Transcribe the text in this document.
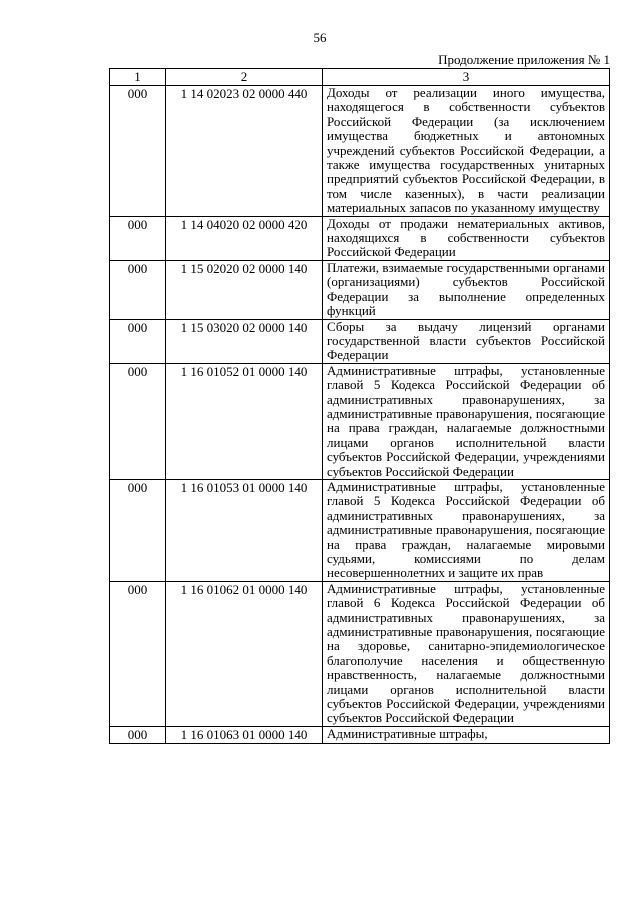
56
Продолжение приложения № 1
1	2	3
000	1 14 02023 02 0000 440	Доходы от реализации иного имущества, находящегося в собственности субъектов Российской Федерации (за исключением имущества бюджетных и автономных учреждений субъектов Российской Федерации, а также имущества государственных унитарных предприятий субъектов Российской Федерации, в том числе казенных), в части реализации материальных запасов по указанному имуществу
000	1 14 04020 02 0000 420	Доходы от продажи нематериальных активов, находящихся в собственности субъектов Российской Федерации
000	1 15 02020 02 0000 140	Платежи, взимаемые государственными органами (организациями) субъектов Российской Федерации за выполнение определенных функций
000	1 15 03020 02 0000 140	Сборы за выдачу лицензий органами государственной власти субъектов Российской Федерации
000	1 16 01052 01 0000 140	Административные штрафы, установленные главой 5 Кодекса Российской Федерации об административных правонарушениях, за административные правонарушения, посягающие на права граждан, налагаемые должностными лицами органов исполнительной власти субъектов Российской Федерации, учреждениями субъектов Российской Федерации
000	1 16 01053 01 0000 140	Административные штрафы, установленные главой 5 Кодекса Российской Федерации об административных правонарушениях, за административные правонарушения, посягающие на права граждан, налагаемые мировыми судьями, комиссиями по делам несовершеннолетних и защите их прав
000	1 16 01062 01 0000 140	Административные штрафы, установленные главой 6 Кодекса Российской Федерации об административных правонарушениях, за административные правонарушения, посягающие на здоровье, санитарно-эпидемиологическое благополучие населения и общественную нравственность, налагаемые должностными лицами органов исполнительной власти субъектов Российской Федерации, учреждениями субъектов Российской Федерации
000	1 16 01063 01 0000 140	Административные штрафы,
